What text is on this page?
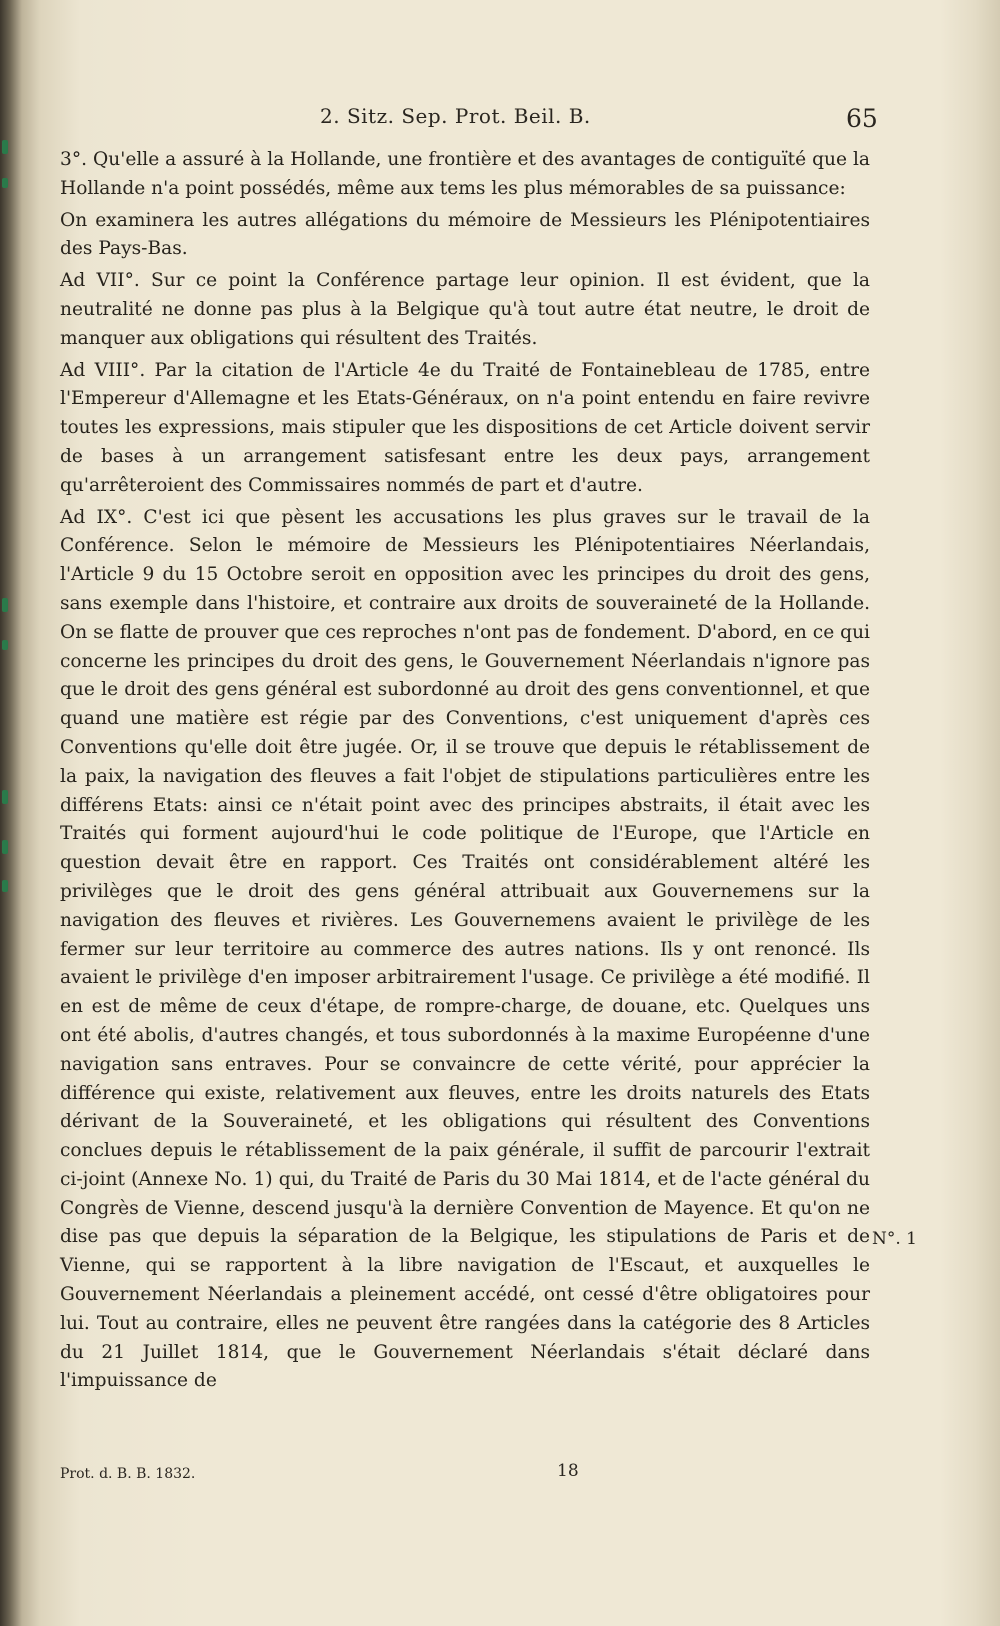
2. Sitz. Sep. Prot. Beil. B.	65

3°. Qu'elle a assuré à la Hollande, une frontière et des avantages de contiguïté que la Hollande n'a point possédés, même aux tems les plus mémorables de sa puissance:

On examinera les autres allégations du mémoire de Messieurs les Plénipotentiaires des Pays-Bas.

Ad VII°. Sur ce point la Conférence partage leur opinion. Il est évident, que la neutralité ne donne pas plus à la Belgique qu'à tout autre état neutre, le droit de manquer aux obligations qui résultent des Traités.

Ad VIII°. Par la citation de l'Article 4e du Traité de Fontainebleau de 1785, entre l'Empereur d'Allemagne et les Etats-Généraux, on n'a point entendu en faire revivre toutes les expressions, mais stipuler que les dispositions de cet Article doivent servir de bases à un arrangement satisfesant entre les deux pays, arrangement qu'arrêteroient des Commissaires nommés de part et d'autre.

Ad IX°. C'est ici que pèsent les accusations les plus graves sur le travail de la Conférence. Selon le mémoire de Messieurs les Plénipotentiaires Néerlandais, l'Article 9 du 15 Octobre seroit en opposition avec les principes du droit des gens, sans exemple dans l'histoire, et contraire aux droits de souveraineté de la Hollande. On se flatte de prouver que ces reproches n'ont pas de fondement. D'abord, en ce qui concerne les principes du droit des gens, le Gouvernement Néerlandais n'ignore pas que le droit des gens général est subordonné au droit des gens conventionnel, et que quand une matière est régie par des Conventions, c'est uniquement d'après ces Conventions qu'elle doit être jugée. Or, il se trouve que depuis le rétablissement de la paix, la navigation des fleuves a fait l'objet de stipulations particulières entre les différens Etats: ainsi ce n'était point avec des principes abstraits, il était avec les Traités qui forment aujourd'hui le code politique de l'Europe, que l'Article en question devait être en rapport. Ces Traités ont considérablement altéré les privilèges que le droit des gens général attribuait aux Gouvernemens sur la navigation des fleuves et rivières. Les Gouvernemens avaient le privilège de les fermer sur leur territoire au commerce des autres nations. Ils y ont renoncé. Ils avaient le privilège d'en imposer arbitrairement l'usage. Ce privilège a été modifié. Il en est de même de ceux d'étape, de rompre-charge, de douane, etc. Quelques uns ont été abolis, d'autres changés, et tous subordonnés à la maxime Européenne d'une navigation sans entraves. Pour se convaincre de cette vérité, pour apprécier la différence qui existe, relativement aux fleuves, entre les droits naturels des Etats dérivant de la Souveraineté, et les obligations qui résultent des Conventions conclues depuis le rétablissement de la paix générale, il suffit de parcourir l'extrait ci-joint (Annexe No. 1) qui, du Traité de Paris du 30 Mai 1814, et de l'acte général du Congrès de Vienne, descend jusqu'à la dernière Convention de Mayence. Et qu'on ne dise pas que depuis la séparation de la Belgique, les stipulations de Paris et de Vienne, qui se rapportent à la libre navigation de l'Escaut, et auxquelles le Gouvernement Néerlandais a pleinement accédé, ont cessé d'être obligatoires pour lui. Tout au contraire, elles ne peuvent être rangées dans la catégorie des 8 Articles du 21 Juillet 1814, que le Gouvernement Néerlandais s'était déclaré dans l'impuissance de

N°. 1
Prot. d. B. B. 1832.	18
